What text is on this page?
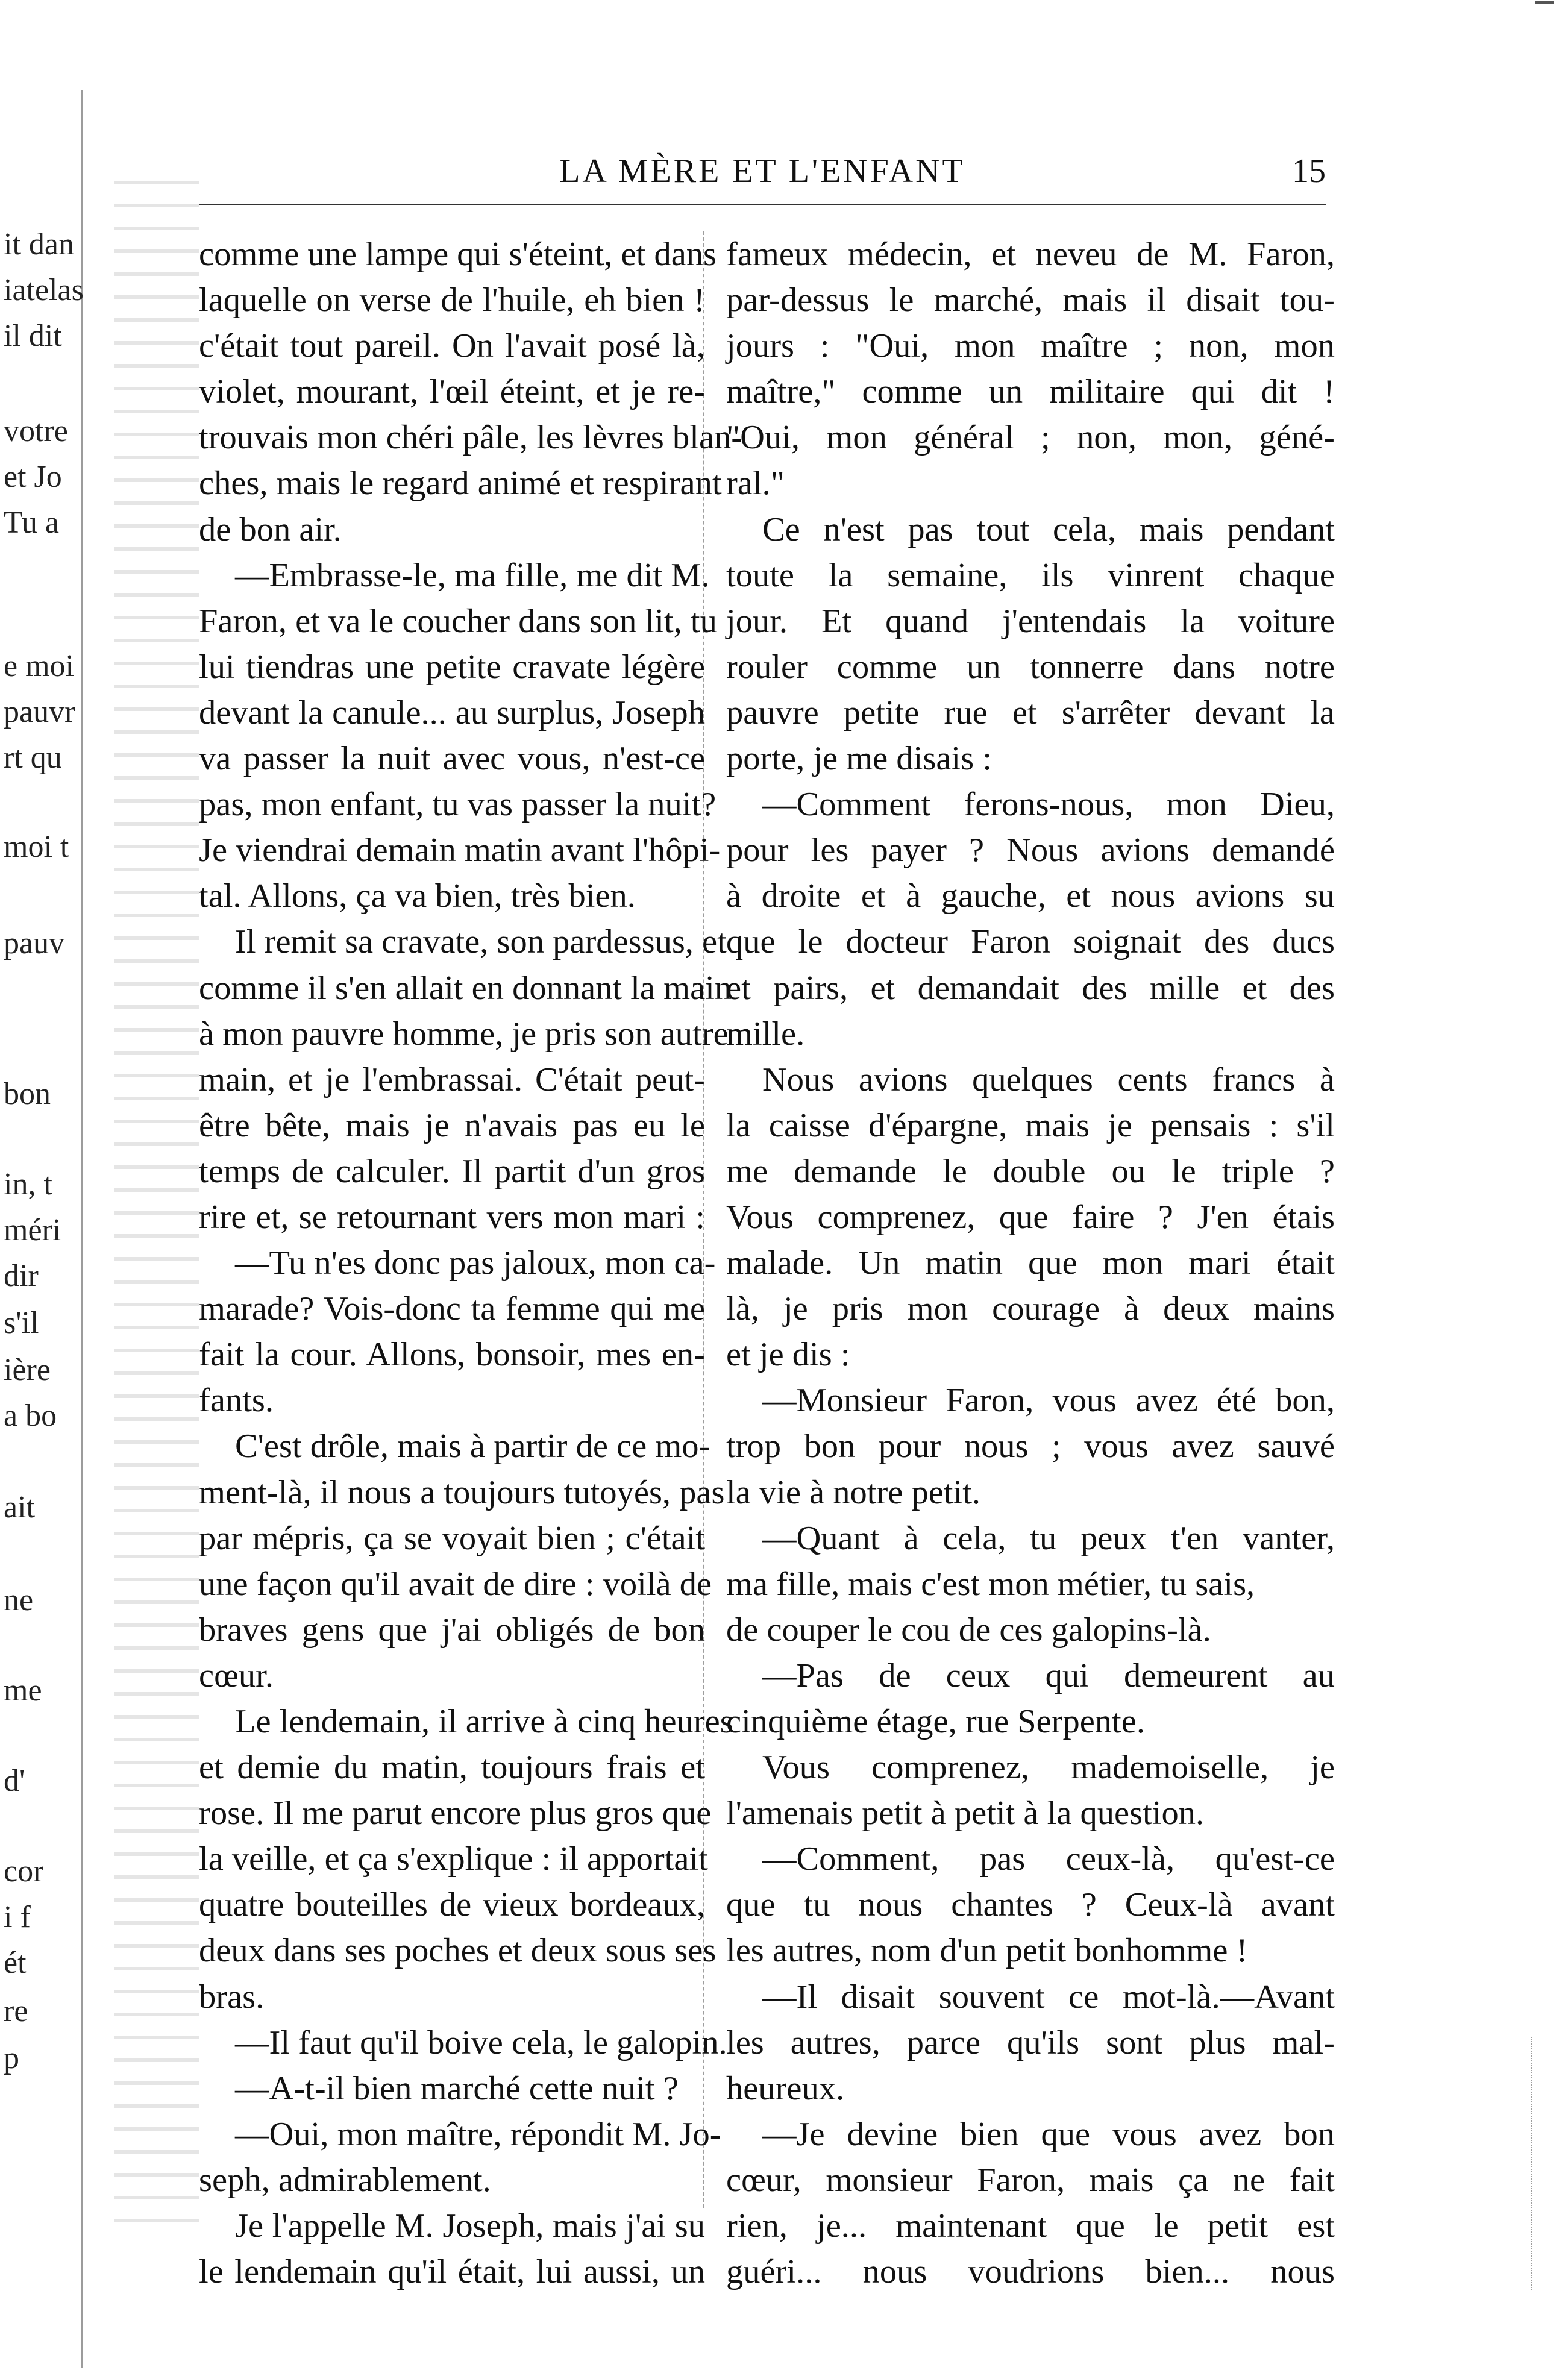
it dan
iatelas
il dit
votre
et Jo
Tu a
e moi
pauvr
rt qu
moi t
pauv
bon
in, t
méri
dir
s'il
ière
a bo
ait
ne
me
d'
cor
i f
ét
re
p
LA MÈRE ET L'ENFANT	15
comme une lampe qui s'éteint, et dans
laquelle on verse de l'huile, eh bien !
c'était tout pareil. On l'avait posé là,
violet, mourant, l'œil éteint, et je re-
trouvais mon chéri pâle, les lèvres blan-
ches, mais le regard animé et respirant
de bon air.
—Embrasse-le, ma fille, me dit M.
Faron, et va le coucher dans son lit, tu
lui tiendras une petite cravate légère
devant la canule... au surplus, Joseph
va passer la nuit avec vous, n'est-ce
pas, mon enfant, tu vas passer la nuit?
Je viendrai demain matin avant l'hôpi-
tal. Allons, ça va bien, très bien.
Il remit sa cravate, son pardessus, et
comme il s'en allait en donnant la main
à mon pauvre homme, je pris son autre
main, et je l'embrassai. C'était peut-
être bête, mais je n'avais pas eu le
temps de calculer. Il partit d'un gros
rire et, se retournant vers mon mari :
—Tu n'es donc pas jaloux, mon ca-
marade? Vois-donc ta femme qui me
fait la cour. Allons, bonsoir, mes en-
fants.
C'est drôle, mais à partir de ce mo-
ment-là, il nous a toujours tutoyés, pas
par mépris, ça se voyait bien ; c'était
une façon qu'il avait de dire : voilà de
braves gens que j'ai obligés de bon
cœur.
Le lendemain, il arrive à cinq heures
et demie du matin, toujours frais et
rose. Il me parut encore plus gros que
la veille, et ça s'explique : il apportait
quatre bouteilles de vieux bordeaux,
deux dans ses poches et deux sous ses
bras.
—Il faut qu'il boive cela, le galopin.
—A-t-il bien marché cette nuit ?
—Oui, mon maître, répondit M. Jo-
seph, admirablement.
Je l'appelle M. Joseph, mais j'ai su
le lendemain qu'il était, lui aussi, un
fameux médecin, et neveu de M. Faron,
par-dessus le marché, mais il disait tou-
jours : "Oui, mon maître ; non, mon
maître," comme un militaire qui dit !
"Oui, mon général ; non, mon, géné-
ral."
Ce n'est pas tout cela, mais pendant
toute la semaine, ils vinrent chaque
jour. Et quand j'entendais la voiture
rouler comme un tonnerre dans notre
pauvre petite rue et s'arrêter devant la
porte, je me disais :
—Comment ferons-nous, mon Dieu,
pour les payer ? Nous avions demandé
à droite et à gauche, et nous avions su
que le docteur Faron soignait des ducs
et pairs, et demandait des mille et des
mille.
Nous avions quelques cents francs à
la caisse d'épargne, mais je pensais : s'il
me demande le double ou le triple ?
Vous comprenez, que faire ? J'en étais
malade. Un matin que mon mari était
là, je pris mon courage à deux mains
et je dis :
—Monsieur Faron, vous avez été bon,
trop bon pour nous ; vous avez sauvé
la vie à notre petit.
—Quant à cela, tu peux t'en vanter,
ma fille, mais c'est mon métier, tu sais,
de couper le cou de ces galopins-là.
—Pas de ceux qui demeurent au
cinquième étage, rue Serpente.
Vous comprenez, mademoiselle, je
l'amenais petit à petit à la question.
—Comment, pas ceux-là, qu'est-ce
que tu nous chantes ? Ceux-là avant
les autres, nom d'un petit bonhomme !
—Il disait souvent ce mot-là.—Avant
les autres, parce qu'ils sont plus mal-
heureux.
—Je devine bien que vous avez bon
cœur, monsieur Faron, mais ça ne fait
rien, je... maintenant que le petit est
guéri... nous voudrions bien... nous
